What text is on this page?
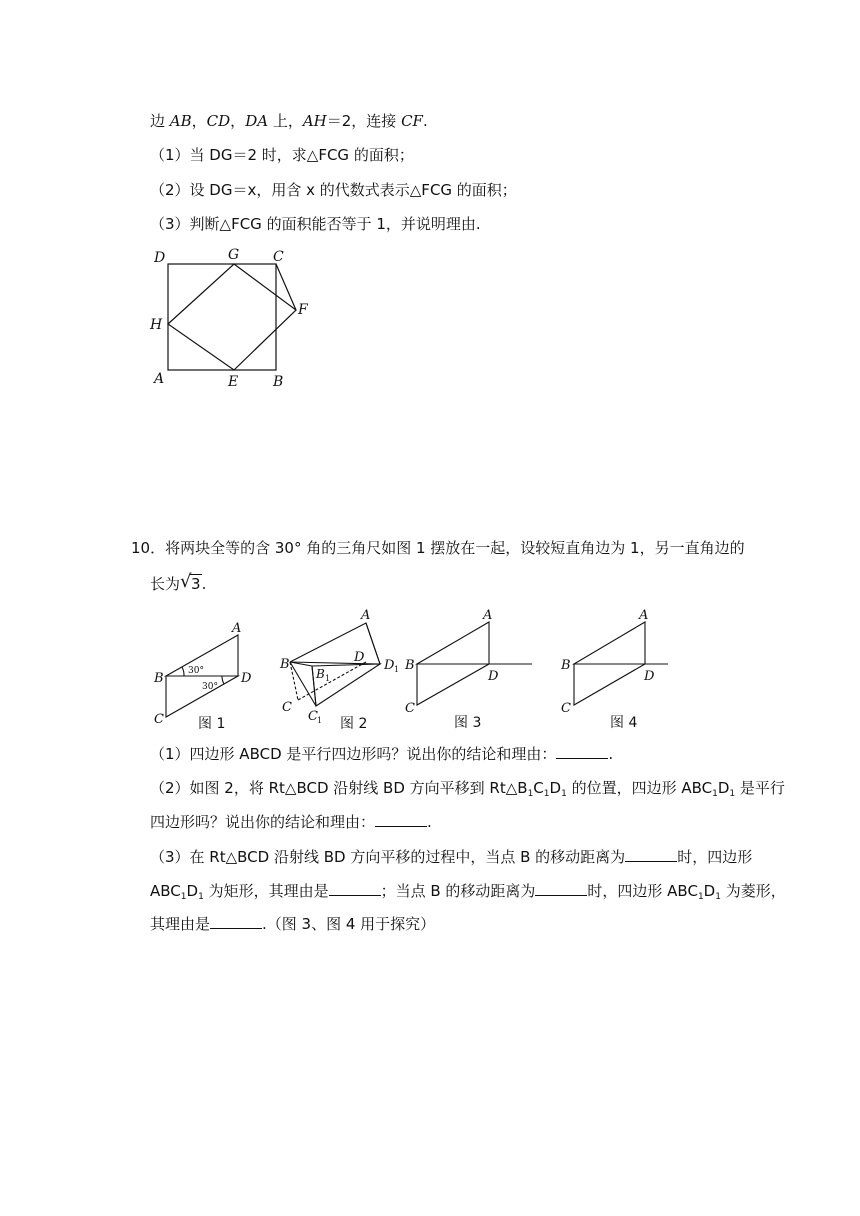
边 AB，CD，DA 上，AH＝2，连接 CF.
（1）当 DG＝2 时，求△FCG 的面积；
（2）设 DG＝x，用含 x 的代数式表示△FCG 的面积；
（3）判断△FCG 的面积能否等于 1，并说明理由.
D	G C
F
H
A	E B
10．将两块全等的含 30° 角的三角尺如图 1 摆放在一起，设较短直角边为 1，另一直角边的
长为 √ 3.
A
B	D
C
30°
30°
图 1
A
B	D
B 1
D 1
C
C 1 图 2
A
B
D
C
图 3
A
B
D
C
图 4
（1）四边形 ABCD 是平行四边形吗？说出你的结论和理由：	.
（2）如图 2，将 Rt△BCD 沿射线 BD 方向平移到 $Rt\triangle B_1C_1D_1$ 的位置，四边形 $ABC_1D_1$ 是平行
四边形吗？说出你的结论和理由：	.
（3）在 Rt△BCD 沿射线 BD 方向平移的过程中，当点 B 的移动距离为	时，四边形
$ABC_1D_1$ 为矩形，其理由是	；当点 B 的移动距离为	时，四边形 $ABC_1D_1$ 为菱形，
其理由是	.（图 3、图 4 用于探究）
